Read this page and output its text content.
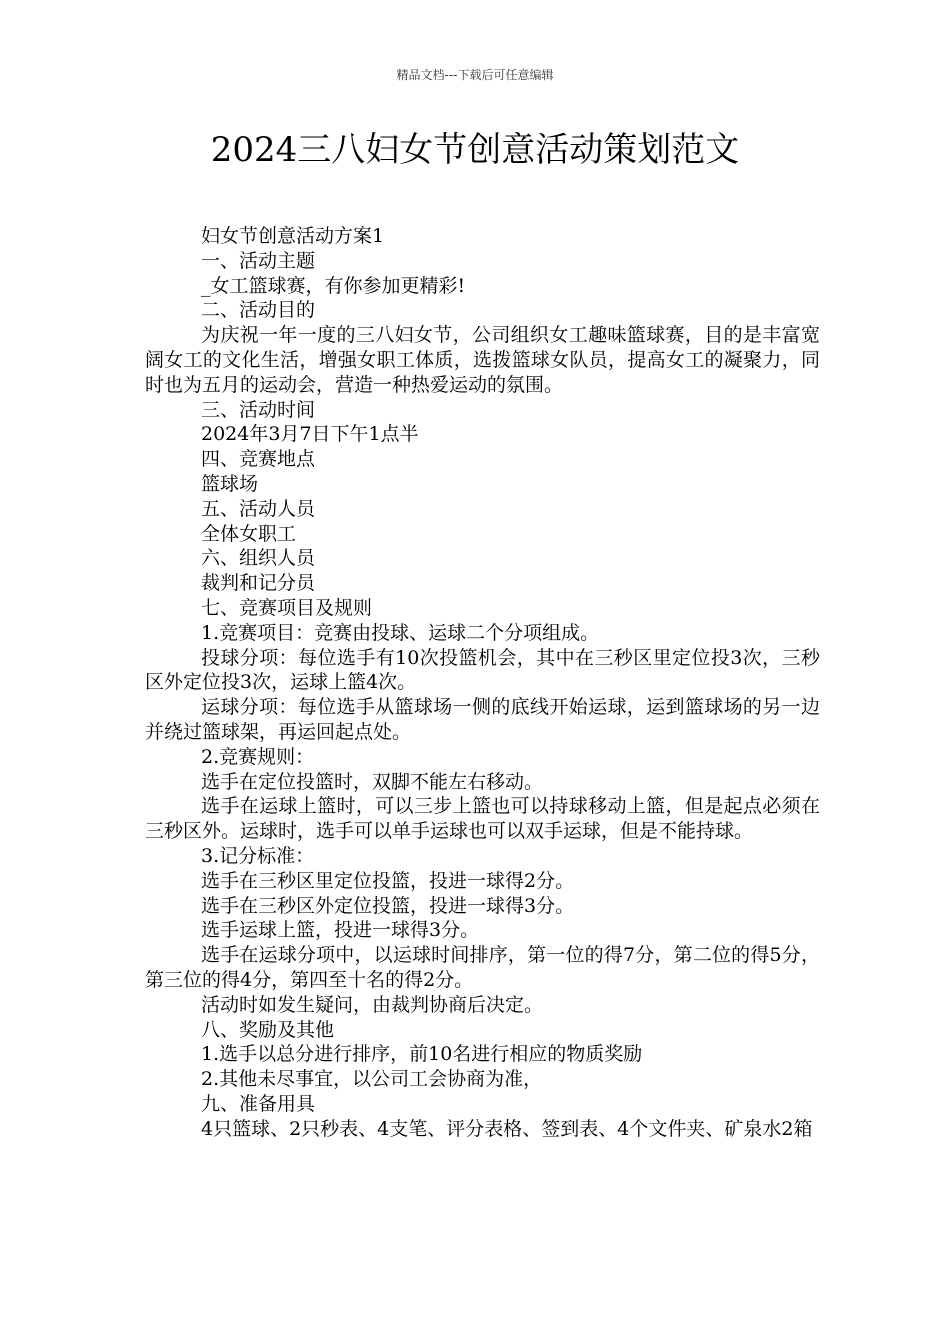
精品文档---下载后可任意编辑
2024三八妇女节创意活动策划范文

妇女节创意活动方案1

一、活动主题

_女工篮球赛，有你参加更精彩!

二、活动目的

为庆祝一年一度的三八妇女节，公司组织女工趣味篮球赛，目的是丰富宽阔女工的文化生活，增强女职工体质，选拨篮球女队员，提高女工的凝聚力，同时也为五月的运动会，营造一种热爱运动的氛围。

三、活动时间

2024年3月7日下午1点半

四、竞赛地点

篮球场

五、活动人员

全体女职工

六、组织人员

裁判和记分员

七、竞赛项目及规则

1.竞赛项目：竞赛由投球、运球二个分项组成。

投球分项：每位选手有10次投篮机会，其中在三秒区里定位投3次，三秒区外定位投3次，运球上篮4次。

运球分项：每位选手从篮球场一侧的底线开始运球，运到篮球场的另一边并绕过篮球架，再运回起点处。

2.竞赛规则：

选手在定位投篮时，双脚不能左右移动。

选手在运球上篮时，可以三步上篮也可以持球移动上篮，但是起点必须在三秒区外。运球时，选手可以单手运球也可以双手运球，但是不能持球。

3.记分标准：

选手在三秒区里定位投篮，投进一球得2分。

选手在三秒区外定位投篮，投进一球得3分。

选手运球上篮，投进一球得3分。

选手在运球分项中，以运球时间排序，第一位的得7分，第二位的得5分，第三位的得4分，第四至十名的得2分。

活动时如发生疑问，由裁判协商后决定。

八、奖励及其他

1.选手以总分进行排序，前10名进行相应的物质奖励

2.其他未尽事宜，以公司工会协商为准，

九、准备用具

4只篮球、2只秒表、4支笔、评分表格、签到表、4个文件夹、矿泉水2箱
